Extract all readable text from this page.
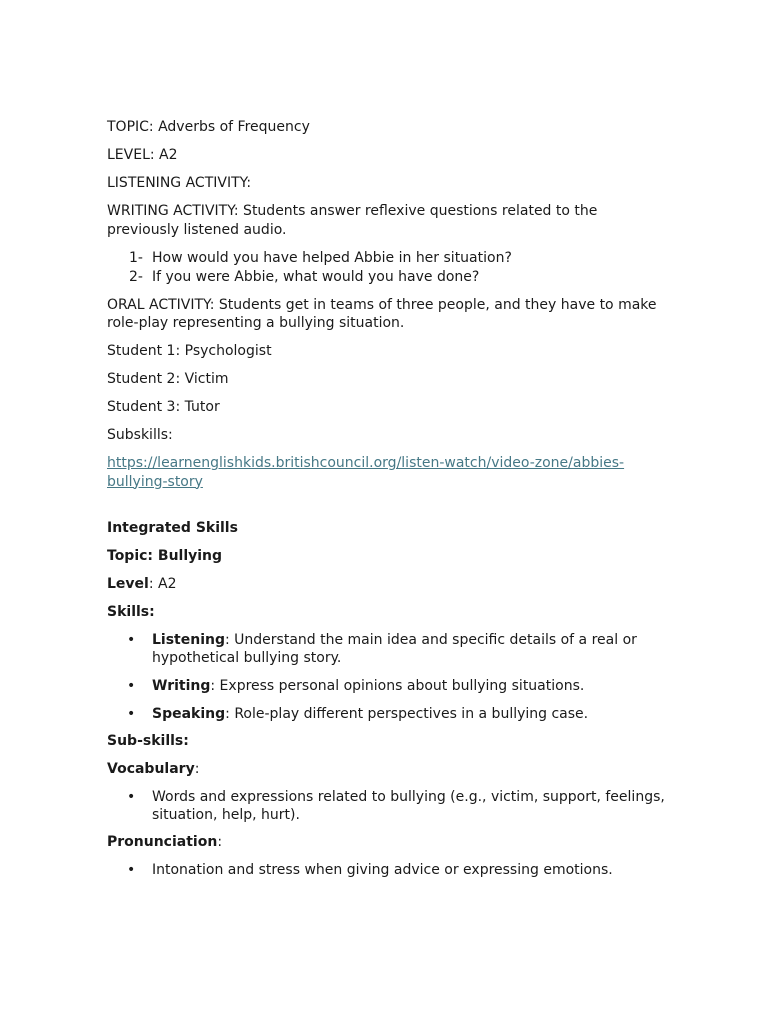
TOPIC: Adverbs of Frequency

LEVEL: A2

LISTENING ACTIVITY:

WRITING ACTIVITY: Students answer reflexive questions related to the previously listened audio.

1- How would you have helped Abbie in her situation?
2- If you were Abbie, what would you have done?

ORAL ACTIVITY: Students get in teams of three people, and they have to make role-play representing a bullying situation.

Student 1: Psychologist

Student 2: Victim

Student 3: Tutor

Subskills:

https://learnenglishkids.britishcouncil.org/listen-watch/video-zone/abbies-
bullying-story

Integrated Skills

Topic: Bullying

Level: A2

Skills:

• Listening: Understand the main idea and specific details of a real or hypothetical bullying story.
• Writing: Express personal opinions about bullying situations.
• Speaking: Role-play different perspectives in a bullying case.

Sub-skills:

Vocabulary:

• Words and expressions related to bullying (e.g., victim, support, feelings, situation, help, hurt).

Pronunciation:

• Intonation and stress when giving advice or expressing emotions.
